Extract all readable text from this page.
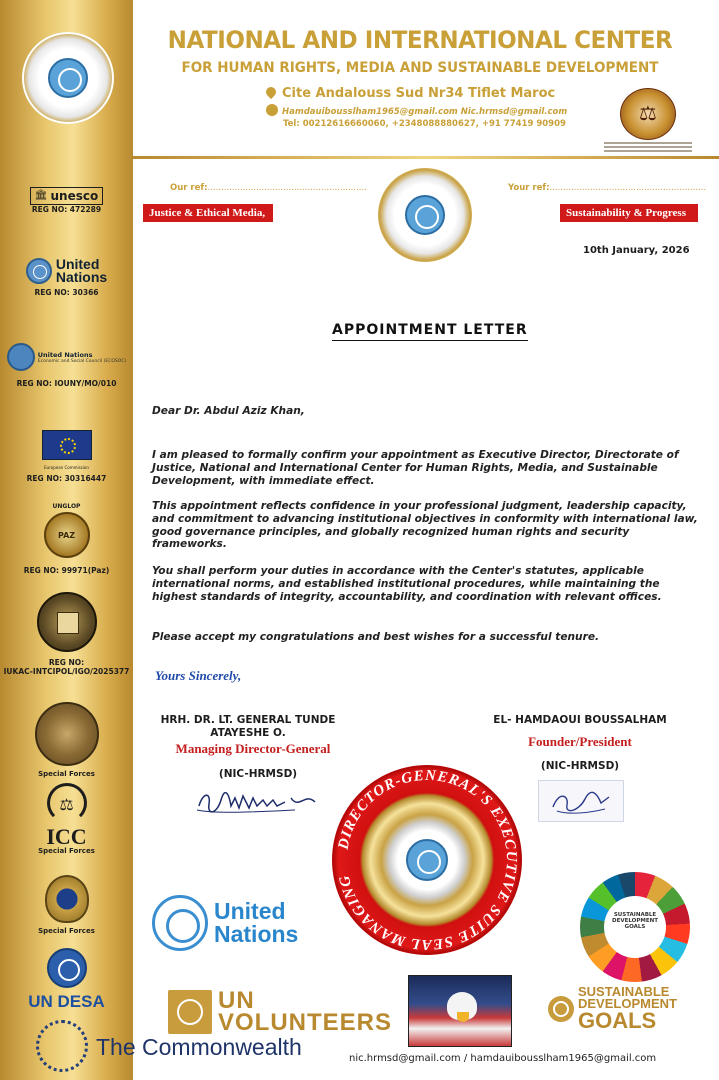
🏛 unesco
REG NO: 472289
United
Nations
REG NO: 30366
United Nations
Economic and Social Council (ECOSOC)
REG NO: IOUNY/MO/010
European Commission
REG NO: 30316447
UNGLOP
PAZ
REG NO: 99971(Paz)
REG NO:
IUKAC-INTCIPOL/IGO/2025377
Special Forces
⚖
ICC
Special Forces
Special Forces
UN DESA
NATIONAL AND INTERNATIONAL CENTER
FOR HUMAN RIGHTS, MEDIA AND SUSTAINABLE DEVELOPMENT
Cite Andalouss Sud Nr34 Tiflet Maroc
Hamdauibousslham1965@gmail.com Nic.hrmsd@gmail.com
Tel: 00212616660060, +2348088880627, +91 77419 90909	⚖
Our ref:...........................................................	Your ref:..........................................................
Justice & Ethical Media,	Sustainability & Progress
10th January, 2026
APPOINTMENT LETTER
Dear Dr. Abdul Aziz Khan,
I am pleased to formally confirm your appointment as Executive Director, Directorate of Justice, National and International Center for Human Rights, Media, and Sustainable Development, with immediate effect.
This appointment reflects confidence in your professional judgment, leadership capacity, and commitment to advancing institutional objectives in conformity with international law, good governance principles, and globally recognized human rights and security frameworks.
You shall perform your duties in accordance with the Center's statutes, applicable international norms, and established institutional procedures, while maintaining the highest standards of integrity, accountability, and coordination with relevant offices.
Please accept my congratulations and best wishes for a successful tenure.
Yours Sincerely,
HRH. DR. LT. GENERAL TUNDE ATAYESHE O.
Managing Director-General
(NIC-HRMSD)
EL- HAMDAOUI BOUSSALHAM
Founder/President
(NIC-HRMSD)
DIRECTOR-GENERAL'S EXECUTIVE SUITE SEAL MANAGING
United
Nations
SUSTAINABLE
DEVELOPMENT
GOALS
UN
VOLUNTEERS
SUSTAINABLE
DEVELOPMENT
GOALS
The Commonwealth	nic.hrmsd@gmail.com / hamdauibousslham1965@gmail.com
